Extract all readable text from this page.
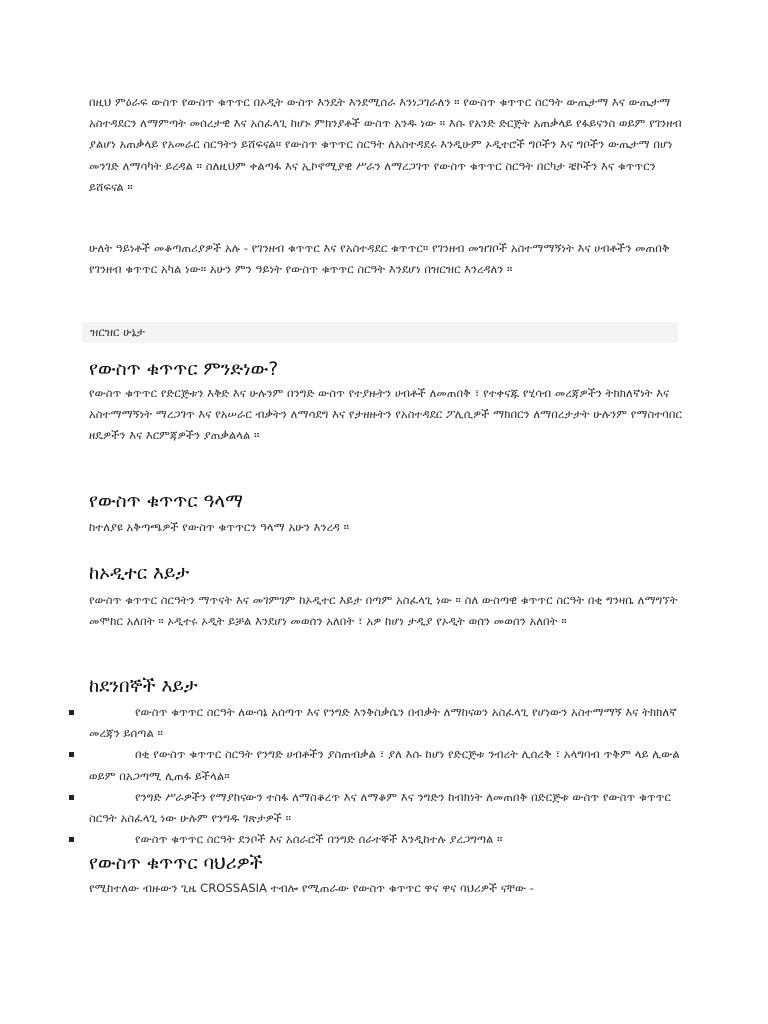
በዚህ ምዕራፍ ውስጥ የውስጥ ቁጥጥር በኦዲት ውስጥ እንዴት እንደሚሰራ እንነጋገራለን ። የውስጥ ቁጥጥር ስርዓት ውጤታማ እና ውጤታማ አስተዳደርን ለማምጣት መሰረታዊ እና አስፈላጊ ከሆኑ ምክንያቶች ውስጥ አንዱ ነው ። እሱ የአንድ ድርጅት አጠቃላይ የፋይናንስ ወይም የገንዘብ ያልሆነ አጠቃላይ የአመራር ስርዓትን ይሸፍናል። የውስጥ ቁጥጥር ስርዓት ለአስተዳደሩ እንዲሁም ኦዲተሮች ግቦችን እና ግቦችን ውጤታማ በሆነ መንገድ ለማሳካት ይረዳል ። ስለዚህም ቀልጣፋ እና ኢኮኖሚያዊ ሥራን ለማረጋገጥ የውስጥ ቁጥጥር ስርዓት በርካታ ቼኮችን እና ቁጥጥርን ይሸፍናል ።

ሁለት ዓይነቶች መቆጣጠሪያዎች አሉ - የገንዘብ ቁጥጥር እና የአስተዳደር ቁጥጥር። የገንዘብ መዝገቦች አስተማማኝነት እና ሀብቶችን መጠበቅ የገንዘብ ቁጥጥር አካል ነው። አሁን ምን ዓይነት የውስጥ ቁጥጥር ስርዓት እንደሆነ በዝርዝር እንረዳለን ።

ዝርዝር ሁኔታ
የውስጥ ቁጥጥር ምንድነው?

የውስጥ ቁጥጥር የድርጅቱን እቅድ እና ሁሉንም በንግድ ውስጥ የተያዙትን ሀብቶች ለመጠበቅ ፣ የተቀናጁ የሂሳብ መረጃዎችን ትክክለኛነት እና አስተማማኝነት ማረጋገጥ እና የአሠራር ብቃትን ለማሳደግ እና የታዘዙትን የአስተዳደር ፖሊሲዎች ማክበርን ለማበረታታት ሁሉንም የማስተባበር ዘዴዎችን እና እርምጃዎችን ያጠቃልላል ።

የውስጥ ቁጥጥር ዓላማ

ከተለያዩ አቅጣጫዎች የውስጥ ቁጥጥርን ዓላማ አሁን እንረዳ ።

ከኦዲተር እይታ

የውስጥ ቁጥጥር ስርዓትን ማጥናት እና መገምገም ከኦዲተር እይታ በጣም አስፈላጊ ነው ። ስለ ውስጣዊ ቁጥጥር ስርዓት በቂ ግንዛቤ ለማግኘት መሞከር አለበት ። ኦዲተሩ ኦዲት ይቻል እንደሆነ መወሰን አለበት ፣ አዎ ከሆነ ታዲያ የኦዲት ወሰን መወሰን አለበት ።

ከደንበኞች እይታ
የውስጥ ቁጥጥር ስርዓት ለውሳኔ አሰጣጥ እና የንግድ እንቅስቃሴን በብቃት ለማከናወን አስፈላጊ የሆነውን አስተማማኝ እና ትክክለኛ መረጃን ይሰጣል ።
በቂ የውስጥ ቁጥጥር ስርዓት የንግድ ሀብቶችን ያስጠብቃል ፣ ያለ እሱ ከሆነ የድርጅቱ ንብረት ሊሰረቅ ፣ አላግባብ ጥቅም ላይ ሊውል ወይም በአጋጣሚ ሊጠፋ ይችላል።
የንግድ ሥራዎችን የማያከናውን ተስፋ ለማስቆረጥ እና ለማቆም እና ንግድን ከብክነት ለመጠበቅ በድርጅቱ ውስጥ የውስጥ ቁጥጥር ስርዓት አስፈላጊ ነው ሁሉም የንግዱ ገጽታዎች ።
የውስጥ ቁጥጥር ስርዓት ደንቦች እና አሰራሮች በንግድ ሰራተኞች እንዲከተሉ ያረጋግጣል ።
የውስጥ ቁጥጥር ባህሪዎች

የሚከተለው ብዙውን ጊዜ CROSSASIA ተብሎ የሚጠራው የውስጥ ቁጥጥር ዋና ዋና ባህሪዎች ናቸው -
